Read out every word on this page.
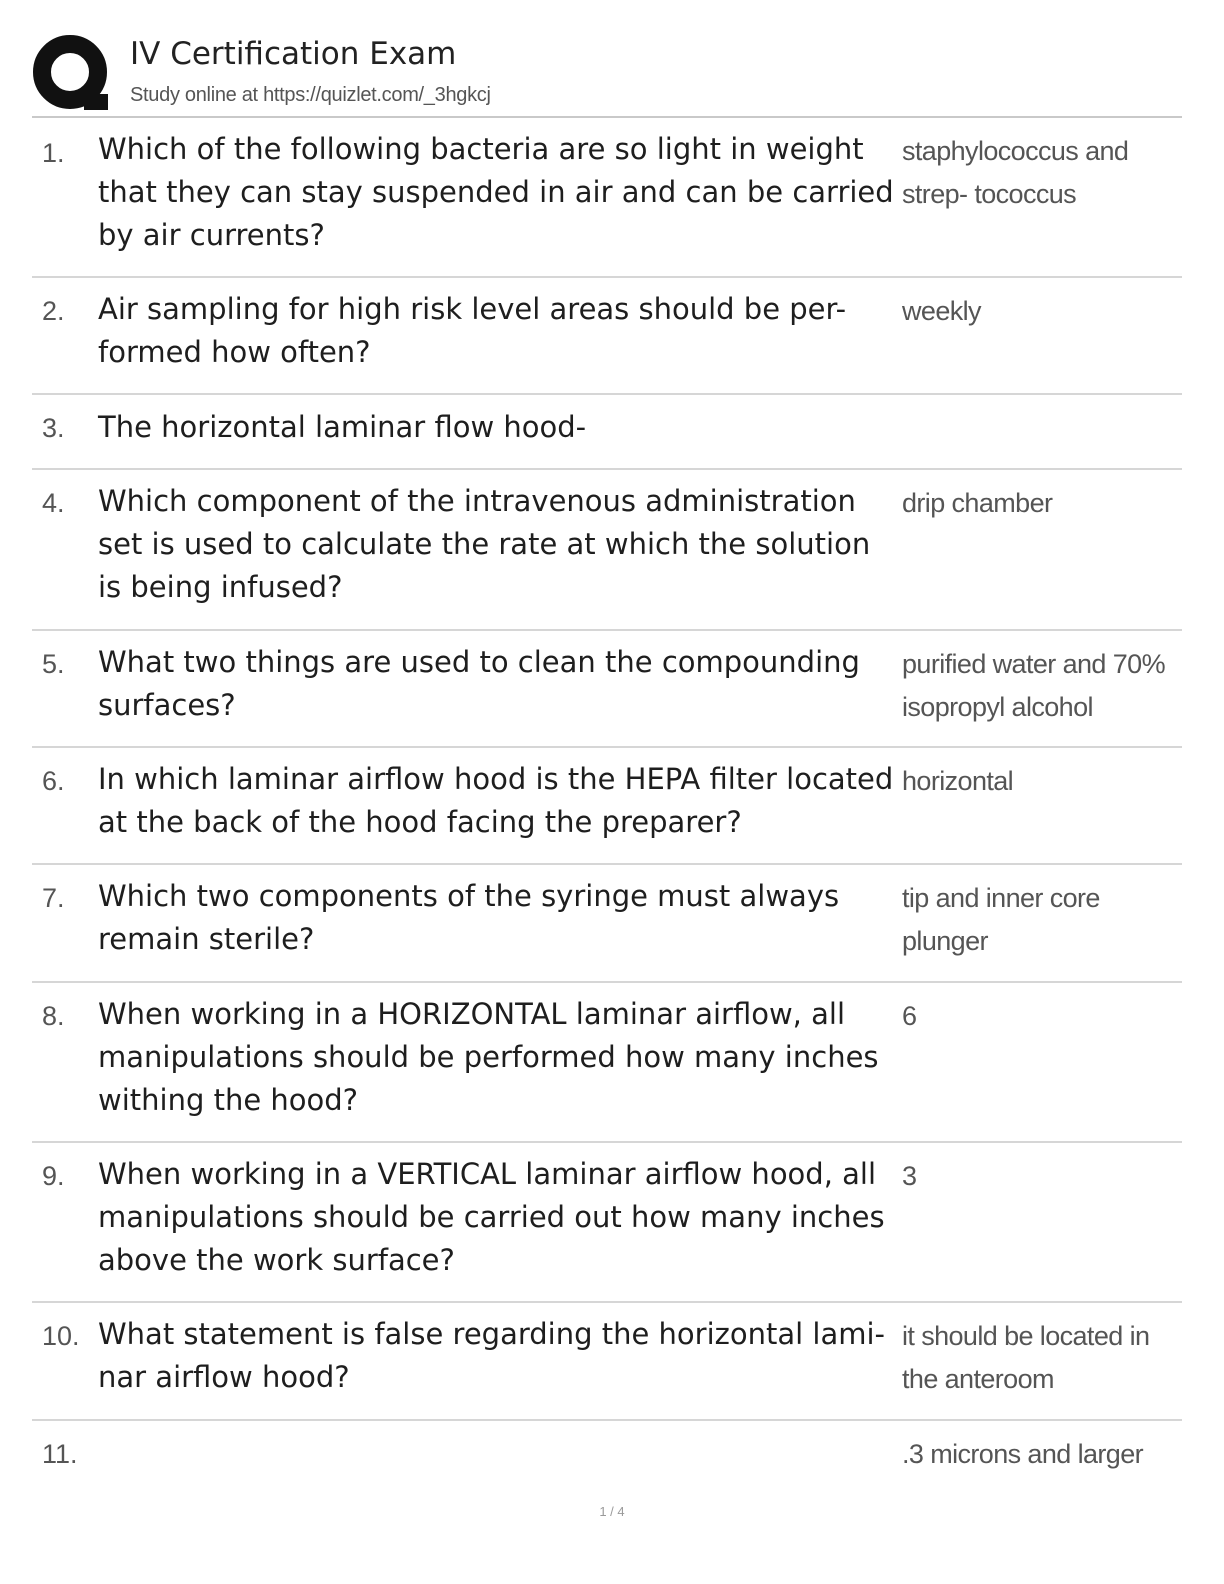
IV Certification Exam
Study online at https://quizlet.com/_3hgkcj
1. Which of the following bacteria are so light in weight that they can stay suspended in air and can be carried by air currents?
staphylococcus and strep- tococcus
2. Air sampling for high risk level areas should be per- formed how often?
weekly
3. The horizontal laminar flow hood-
4. Which component of the intravenous administration set is used to calculate the rate at which the solution is being infused?
drip chamber
5. What two things are used to clean the compounding surfaces?
purified water and 70% isopropyl alcohol
6. In which laminar airflow hood is the HEPA filter located at the back of the hood facing the preparer?
horizontal
7. Which two components of the syringe must always remain sterile?
tip and inner core plunger
8. When working in a HORIZONTAL laminar airflow, all manipulations should be performed how many inches withing the hood?
6
9. When working in a VERTICAL laminar airflow hood, all manipulations should be carried out how many inches above the work surface?
3
10. What statement is false regarding the horizontal lami- nar airflow hood?
it should be located in the anteroom
11.	.3 microns and larger
1 / 4
